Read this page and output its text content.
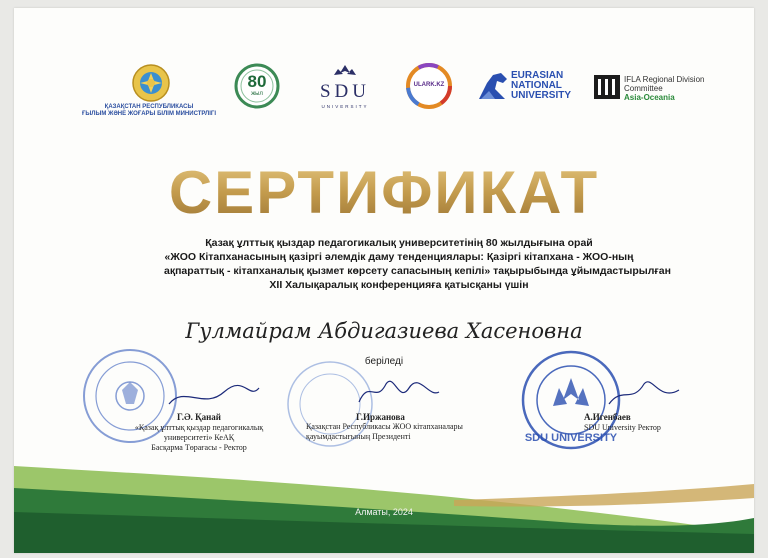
ҚАЗАҚСТАН РЕСПУБЛИКАСЫ
ҒЫЛЫМ ЖӘНЕ ЖОҒАРЫ БІЛІМ МИНИСТРЛІГІ
80
жыл	SDU
UNIVERSITY
ULARK.KZ
EURASIAN
NATIONAL
UNIVERSITY
IFLA Regional Division
Committee
Asia-Oceania
СЕРТИФИКАТ
Қазақ ұлттық қыздар педагогикалық университетінің 80 жылдығына орай
«ЖОО Кітапханасының қазіргі әлемдік даму тенденциялары: Қазіргі кітапхана - ЖОО-ның
ақпараттық - кітапханалық қызмет көрсету сапасының кепілі» тақырыбында ұйымдастырылған
XII Халықаралық конференцияға қатысқаны үшін
Гулмайрам Абдигазиева Хасеновна
беріледі
SDU UNIVERSITY
Г.Ә. Қанай
«Қазақ ұлттық қыздар педагогикалық
университеті» КеАҚ
Басқарма Төрағасы - Ректор
Г.Иржанова
Қазақстан Республикасы ЖОО кітапханалары
қауымдастығының Президенті
А.Игенбаев
SDU University Ректор
Алматы, 2024
